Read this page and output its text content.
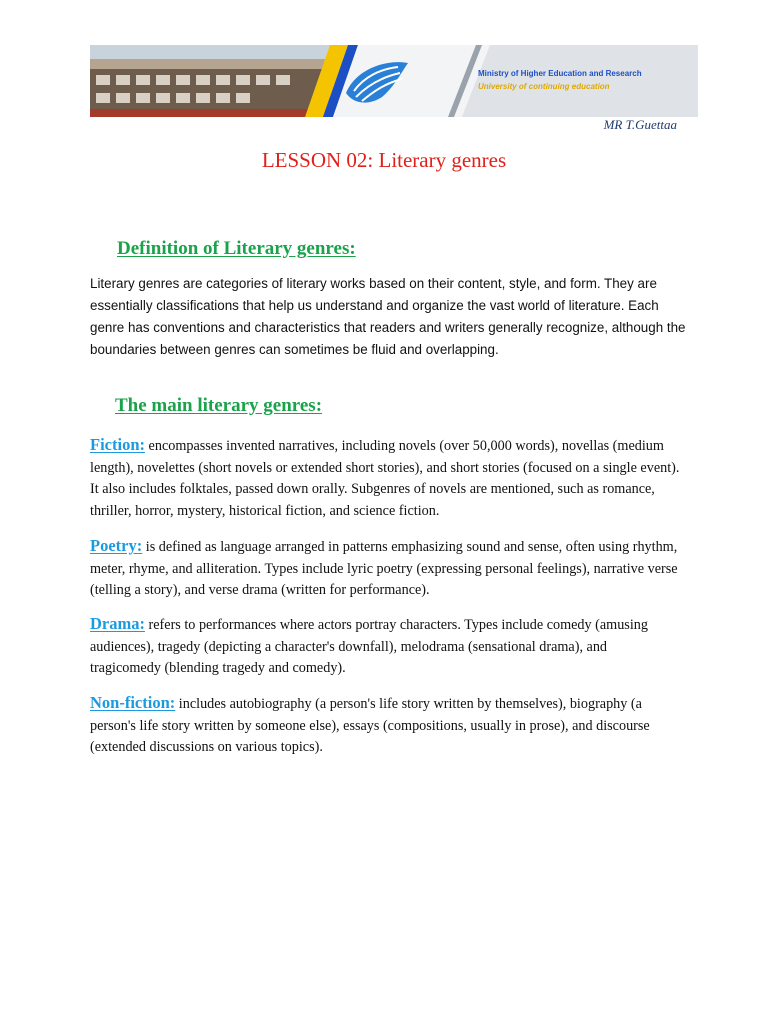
Ministry of Higher Education and Research
University of continuing education
MR T.Guettaa
LESSON 02: Literary genres
Definition of Literary genres:
Literary genres are categories of literary works based on their content, style, and form. They are essentially classifications that help us understand and organize the vast world of literature. Each genre has conventions and characteristics that readers and writers generally recognize, although the boundaries between genres can sometimes be fluid and overlapping.
The main literary genres:
Fiction: encompasses invented narratives, including novels (over 50,000 words), novellas (medium length), novelettes (short novels or extended short stories), and short stories (focused on a single event). It also includes folktales, passed down orally. Subgenres of novels are mentioned, such as romance, thriller, horror, mystery, historical fiction, and science fiction.
Poetry: is defined as language arranged in patterns emphasizing sound and sense, often using rhythm, meter, rhyme, and alliteration. Types include lyric poetry (expressing personal feelings), narrative verse (telling a story), and verse drama (written for performance).
Drama: refers to performances where actors portray characters. Types include comedy (amusing audiences), tragedy (depicting a character's downfall), melodrama (sensational drama), and tragicomedy (blending tragedy and comedy).
Non-fiction: includes autobiography (a person's life story written by themselves), biography (a person's life story written by someone else), essays (compositions, usually in prose), and discourse (extended discussions on various topics).
